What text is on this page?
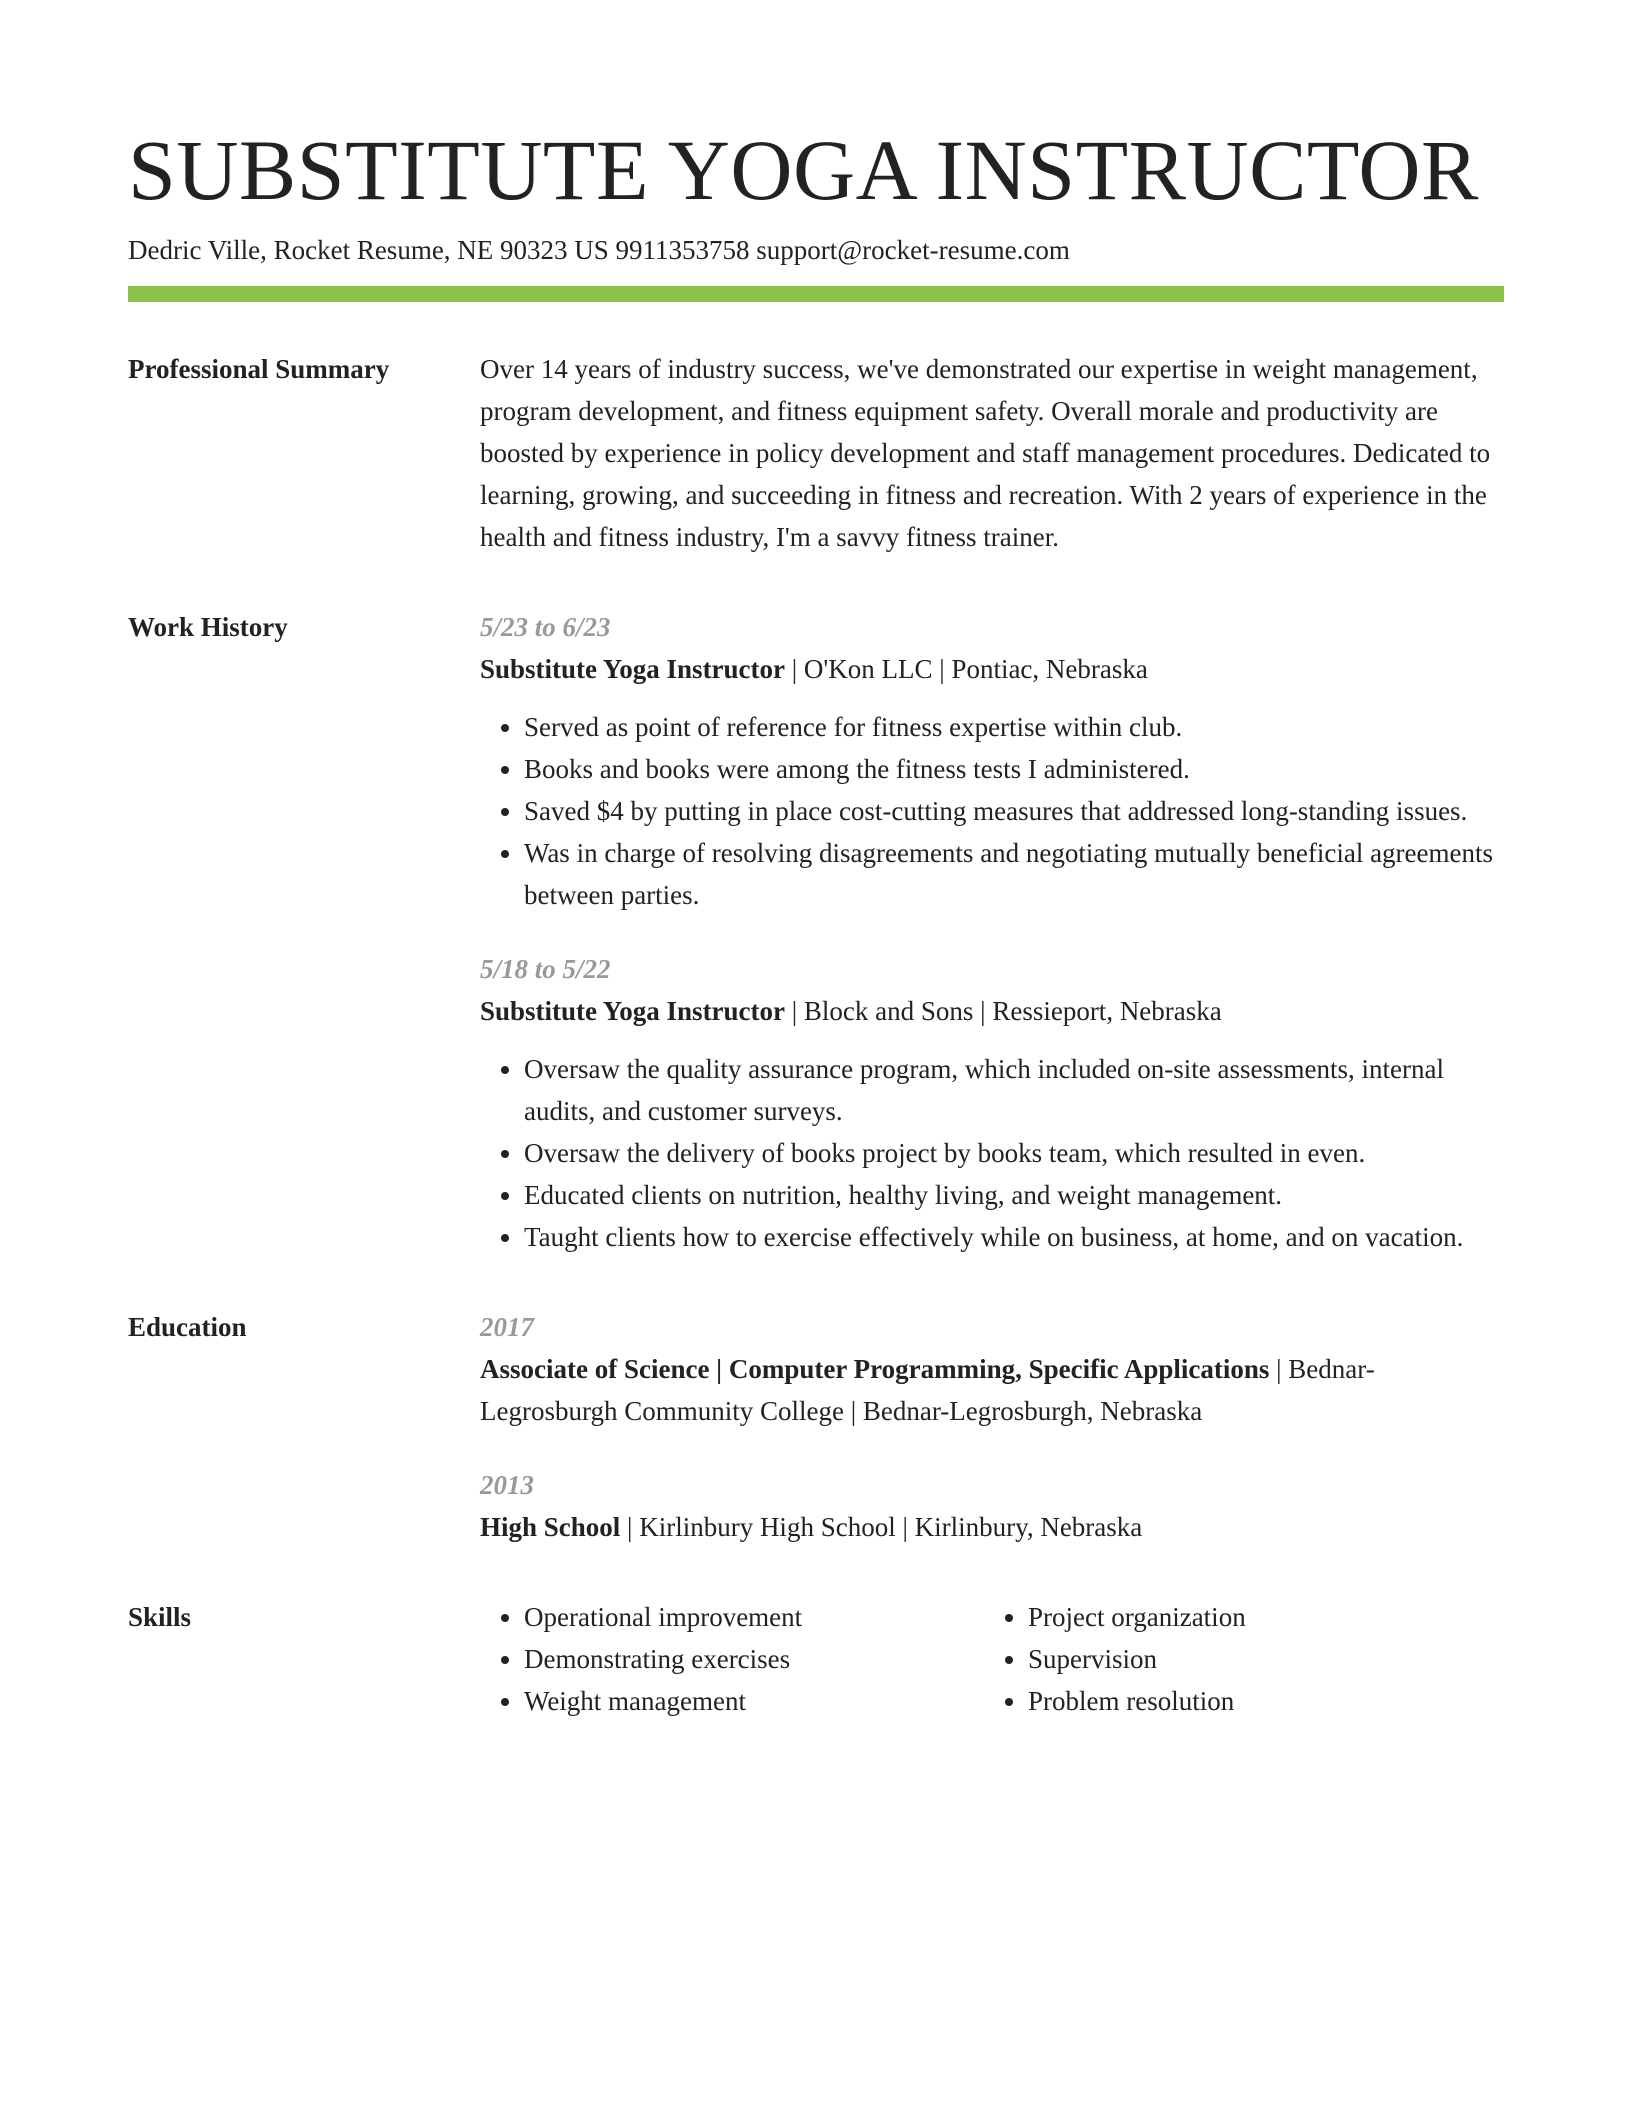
SUBSTITUTE YOGA INSTRUCTOR
Dedric Ville, Rocket Resume, NE 90323 US 9911353758 support@rocket-resume.com
Professional Summary	Over 14 years of industry success, we've demonstrated our expertise in weight management, program development, and fitness equipment safety. Overall morale and productivity are boosted by experience in policy development and staff management procedures. Dedicated to learning, growing, and succeeding in fitness and recreation. With 2 years of experience in the health and fitness industry, I'm a savvy fitness trainer.

Work History	5/23 to 6/23
Substitute Yoga Instructor | O'Kon LLC | Pontiac, Nebraska
• Served as point of reference for fitness expertise within club.
• Books and books were among the fitness tests I administered.
• Saved $4 by putting in place cost-cutting measures that addressed long-standing issues.
• Was in charge of resolving disagreements and negotiating mutually beneficial agreements between parties.
5/18 to 5/22
Substitute Yoga Instructor | Block and Sons | Ressieport, Nebraska
• Oversaw the quality assurance program, which included on-site assessments, internal audits, and customer surveys.
• Oversaw the delivery of books project by books team, which resulted in even.
• Educated clients on nutrition, healthy living, and weight management.
• Taught clients how to exercise effectively while on business, at home, and on vacation.
Education	2017
Associate of Science | Computer Programming, Specific Applications | Bednar-Legrosburgh Community College | Bednar-Legrosburgh, Nebraska
2013
High School | Kirlinbury High School | Kirlinbury, Nebraska
Skills
•	Operational improvement
• Demonstrating exercises
• Weight management
• Project organization
• Supervision
• Problem resolution
